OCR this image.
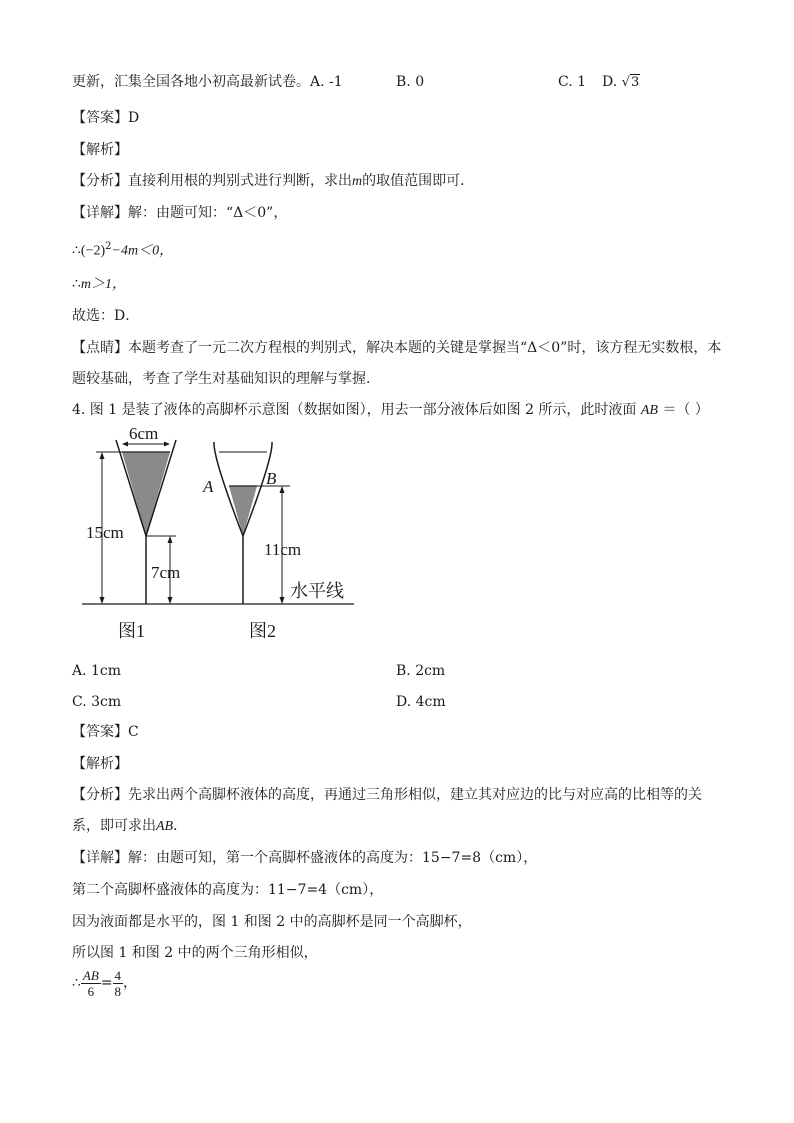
更新，汇集全国各地小初高最新试卷。A. -1	B. 0	C. 1 D. √3
【答案】D
【解析】
【分析】直接利用根的判别式进行判断，求出m的取值范围即可．
【详解】解：由题可知：“Δ＜0”，
$\therefore(-2)^2-4m<0$，
∴m＞1，
故选：D．
【点睛】本题考查了一元二次方程根的判别式，解决本题的关键是掌握当“Δ＜0”时，该方程无实数根，本
题较基础，考查了学生对基础知识的理解与掌握．
4. 图 1 是装了液体的高脚杯示意图（数据如图），用去一部分液体后如图 2 所示，此时液面 AB ＝（ ）
6cm
15cm
7cm
A	B
11cm
水平线
图1	图2
A. 1cm	B. 2cm
C. 3cm	D. 4cm
【答案】C
【解析】
【分析】先求出两个高脚杯液体的高度，再通过三角形相似，建立其对应边的比与对应高的比相等的关
系，即可求出AB．
【详解】解：由题可知，第一个高脚杯盛液体的高度为：15−7=8（cm），
第二个高脚杯盛液体的高度为：11−7=4（cm），
因为液面都是水平的，图 1 和图 2 中的高脚杯是同一个高脚杯，
所以图 1 和图 2 中的两个三角形相似，
∴ $\frac{AB}{6} = \frac{4}{8}$ ，
